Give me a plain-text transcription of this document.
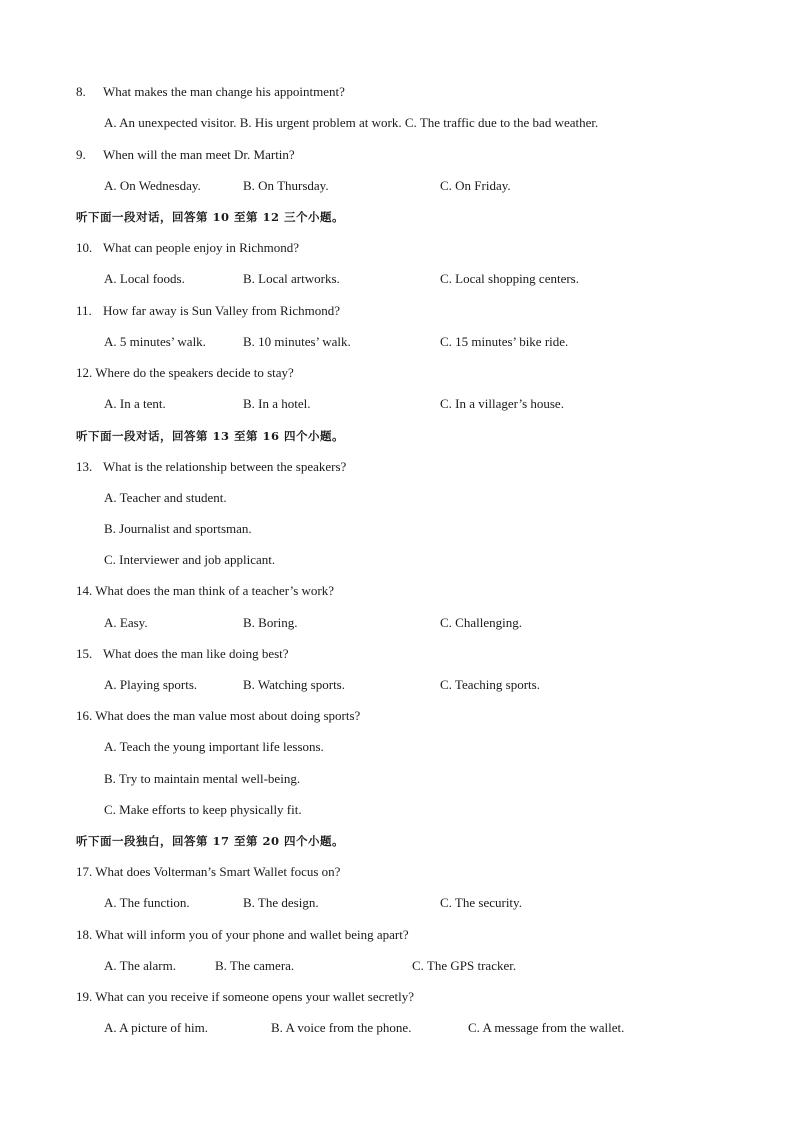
8. What makes the man change his appointment?
A. An unexpected visitor. B. His urgent problem at work. C. The traffic due to the bad weather.
9. When will the man meet Dr. Martin?
A. On Wednesday.	B. On Thursday.	C. On Friday.
听下面一段对话，回答第 10 至第 12 三个小题。
10. What can people enjoy in Richmond?
A. Local foods.	B. Local artworks.	C. Local shopping centers.
11. How far away is Sun Valley from Richmond?
A. 5 minutes’ walk.	B. 10 minutes’ walk.	C. 15 minutes’ bike ride.
12. Where do the speakers decide to stay?
A. In a tent.	B. In a hotel.	C. In a villager’s house.
听下面一段对话，回答第 13 至第 16 四个小题。
13. What is the relationship between the speakers?
A. Teacher and student.
B. Journalist and sportsman.
C. Interviewer and job applicant.
14. What does the man think of a teacher’s work?
A. Easy.	B. Boring.	C. Challenging.
15. What does the man like doing best?
A. Playing sports.	B. Watching sports.	C. Teaching sports.
16. What does the man value most about doing sports?
A. Teach the young important life lessons.
B. Try to maintain mental well-being.
C. Make efforts to keep physically fit.
听下面一段独白，回答第 17 至第 20 四个小题。
17. What does Volterman’s Smart Wallet focus on?
A. The function.	B. The design.	C. The security.
18. What will inform you of your phone and wallet being apart?
A. The alarm.	B. The camera.	C. The GPS tracker.
19. What can you receive if someone opens your wallet secretly?
A. A picture of him.	B. A voice from the phone.	C. A message from the wallet.
